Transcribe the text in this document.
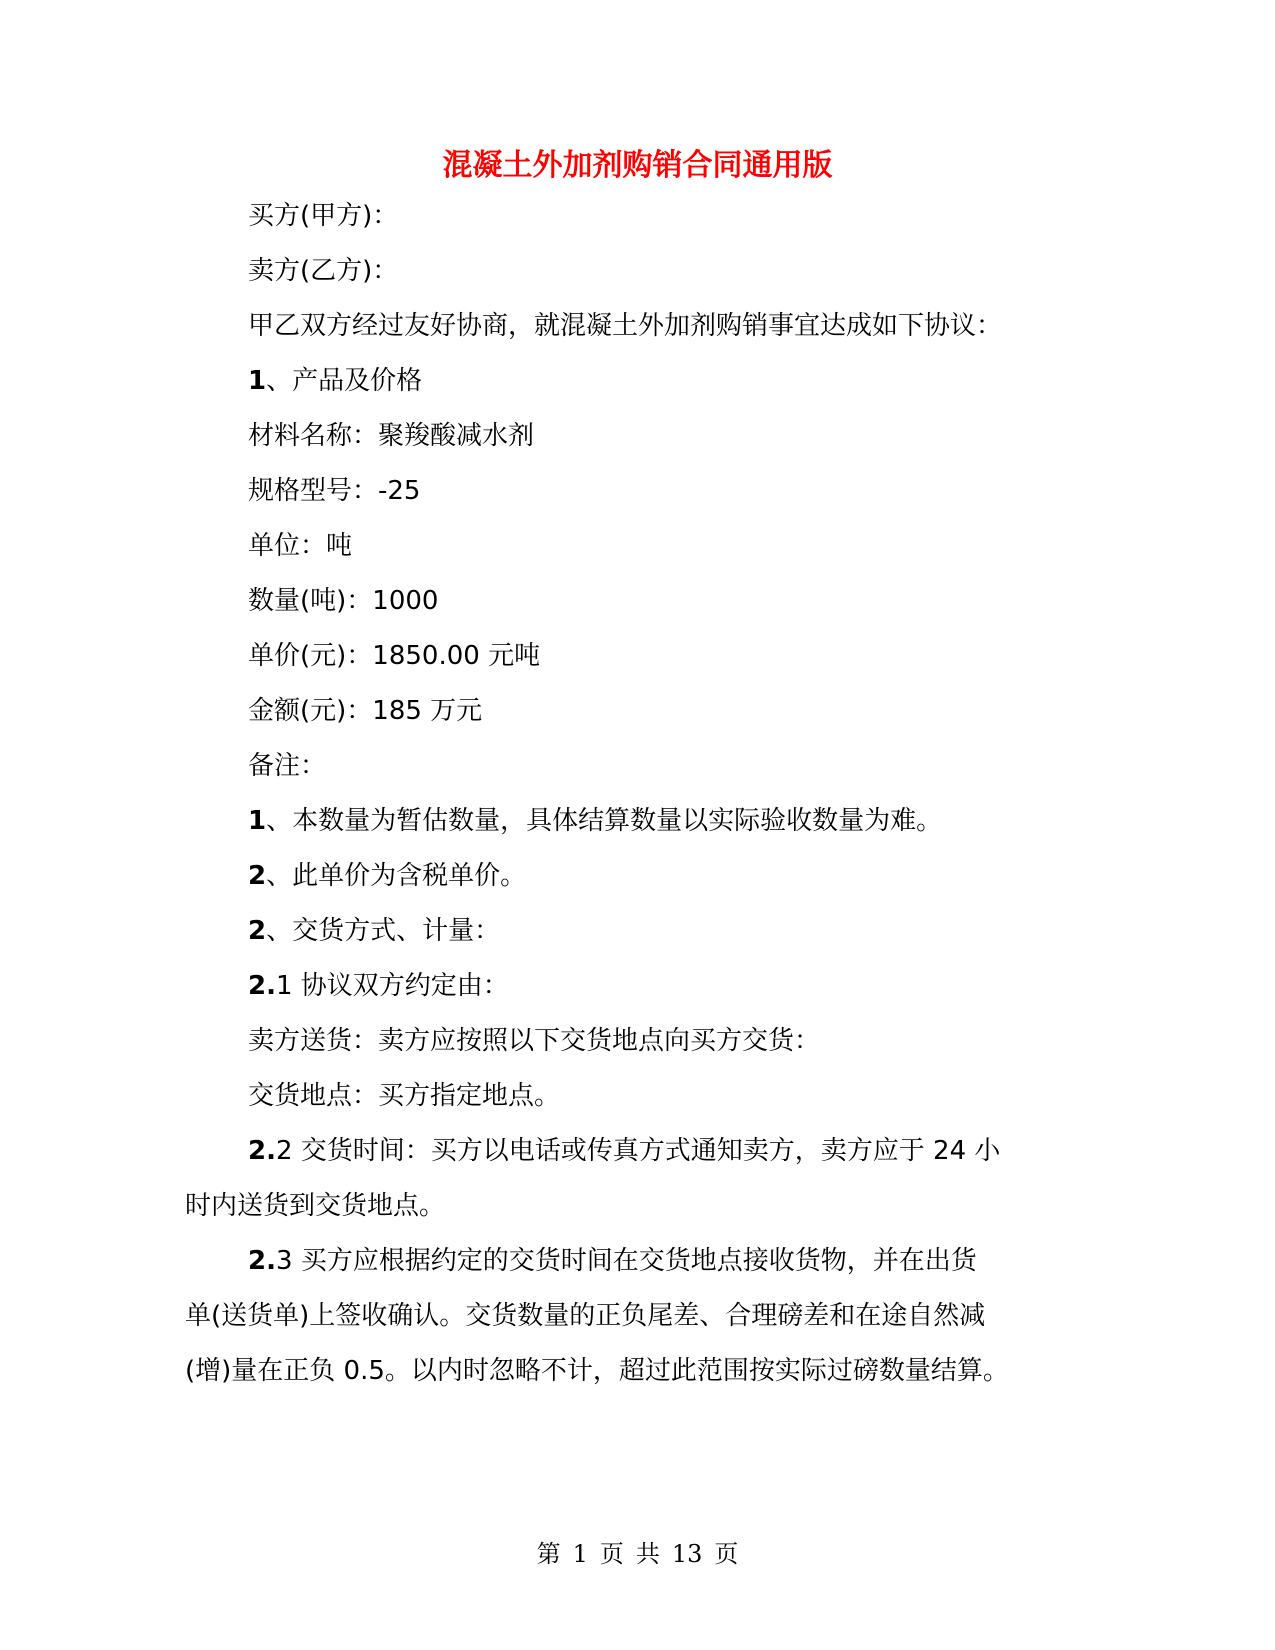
混凝土外加剂购销合同通用版

买方(甲方)：

卖方(乙方)：

甲乙双方经过友好协商，就混凝土外加剂购销事宜达成如下协议：

1、产品及价格

材料名称：聚羧酸减水剂

规格型号：-25

单位：吨

数量(吨)：1000

单价(元)：1850.00 元吨

金额(元)：185 万元

备注：

1、本数量为暂估数量，具体结算数量以实际验收数量为难。

2、此单价为含税单价。

2、交货方式、计量：

2.1 协议双方约定由：

卖方送货：卖方应按照以下交货地点向买方交货：

交货地点：买方指定地点。

2.2 交货时间：买方以电话或传真方式通知卖方，卖方应于 24 小

时内送货到交货地点。

2.3 买方应根据约定的交货时间在交货地点接收货物，并在出货

单(送货单)上签收确认。交货数量的正负尾差、合理磅差和在途自然减

(增)量在正负 0.5。以内时忽略不计，超过此范围按实际过磅数量结算。

第 1 页 共 13 页
